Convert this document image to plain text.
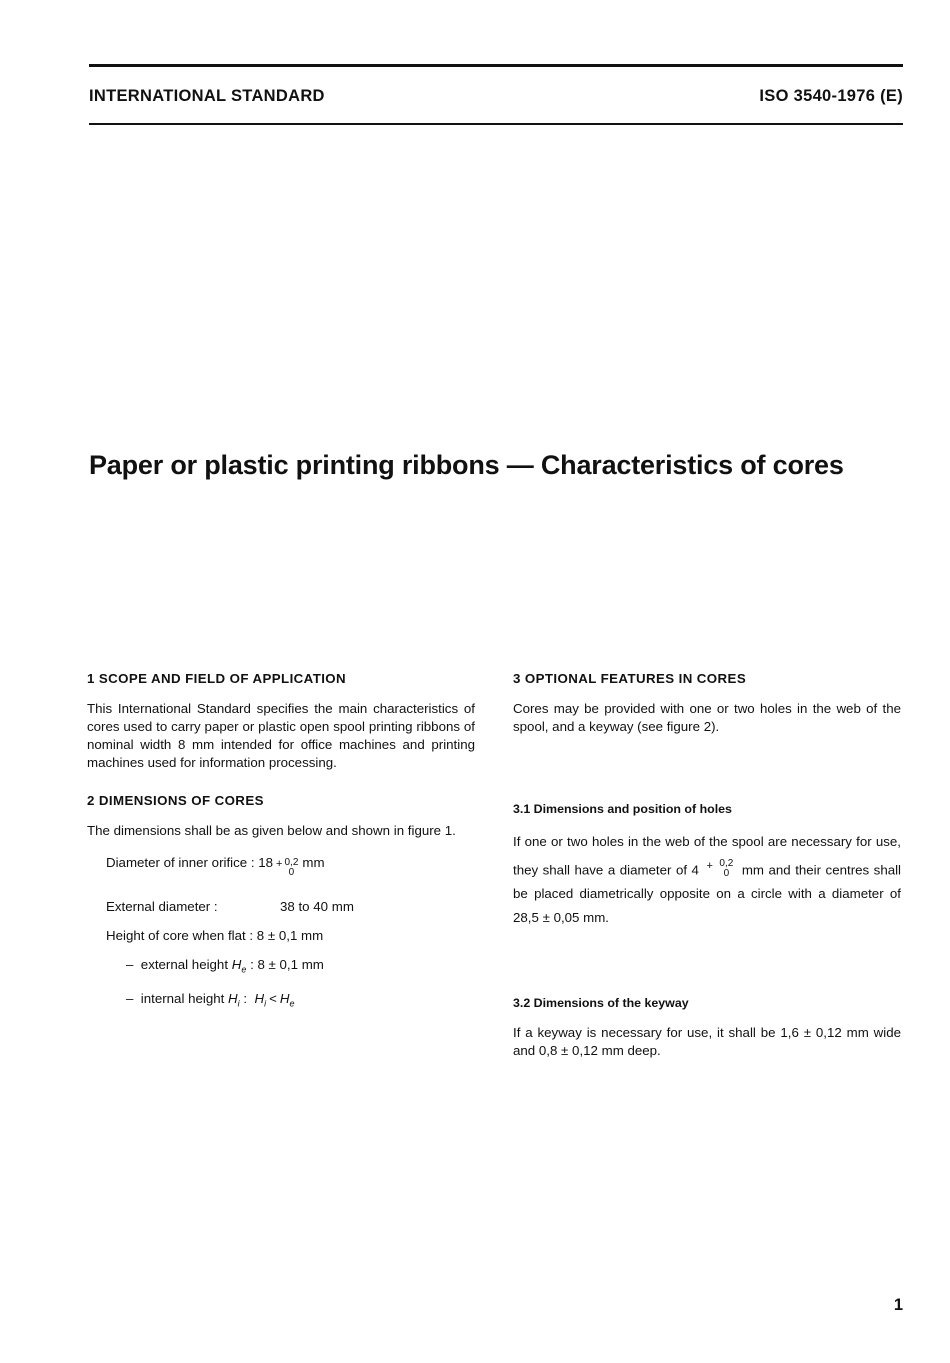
INTERNATIONAL STANDARD	ISO 3540-1976 (E)
Paper or plastic printing ribbons — Characteristics of cores
1 SCOPE AND FIELD OF APPLICATION

This International Standard specifies the main characteristics of cores used to carry paper or plastic open spool printing ribbons of nominal width 8 mm intended for office machines and printing machines used for information processing.

2 DIMENSIONS OF CORES

The dimensions shall be as given below and shown in figure 1.

Diameter of inner orifice :
18 + 0,2
0
mm
External diameter :	38 to 40 mm
Height of core when flat :
8 ± 0,1 mm
–
external height
$H_e$
: 8 ± 0,1 mm
–
internal height
$H_i$
:
$H_i < H_e$
3 OPTIONAL FEATURES IN CORES

Cores may be provided with one or two holes in the web of the spool, and a keyway (see figure 2).

3.1 Dimensions and position of holes

If one or two holes in the web of the spool are necessary for use, they shall have a diameter of 4 + 0,2
0 mm and their centres shall be placed diametrically opposite on a circle with a diameter of 28,5 ± 0,05 mm.

3.2 Dimensions of the keyway

If a keyway is necessary for use, it shall be 1,6 ± 0,12 mm wide and 0,8 ± 0,12 mm deep.

1
